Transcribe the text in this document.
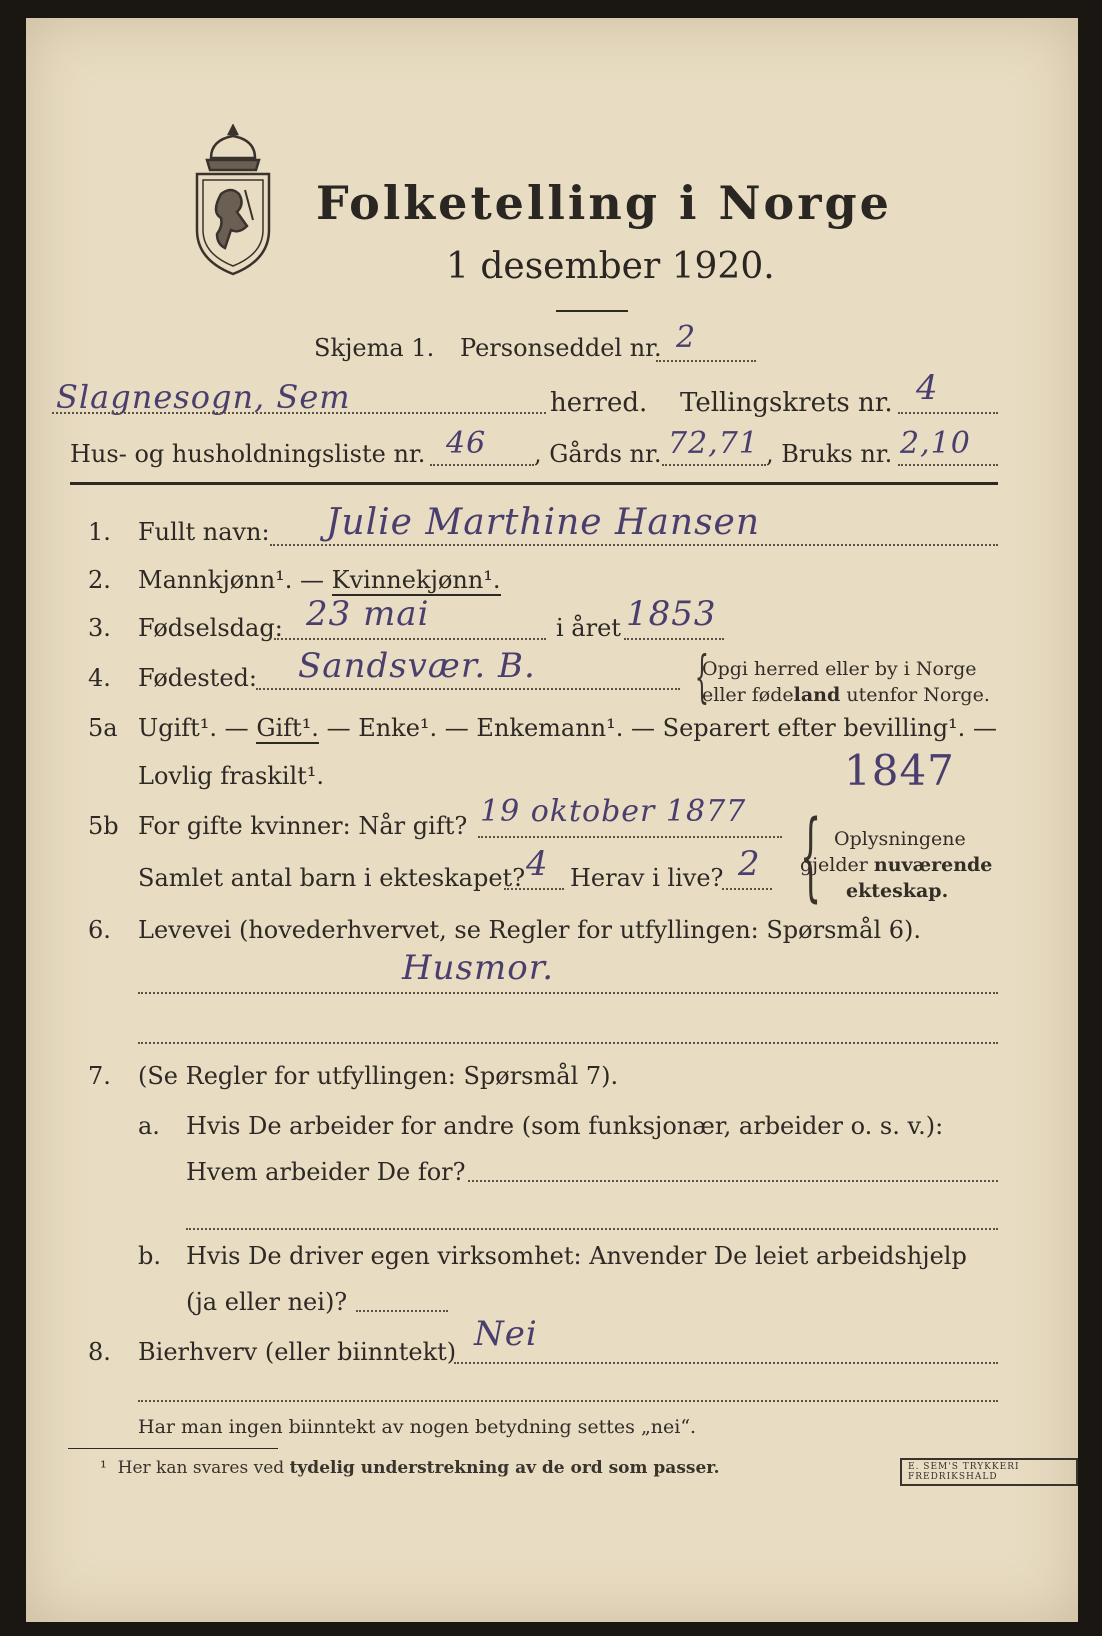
Folketelling i Norge
1 desember 1920.
Skjema 1. Personseddel nr. 2
Slagnesogn, Sem	herred. Tellingskrets nr. 4
Hus- og husholdningsliste nr. 46 , Gårds nr. 72,71 , Bruks nr. 2,10
1. Fullt navn: Julie Marthine Hansen
2. Mannkjønn¹. — Kvinnekjønn¹.
3. Fødselsdag: 23 mai	i året 1853
4. Fødested: Sandsvær. B.	{
Opgi herred eller by i Norge
eller fødeland utenfor Norge.
5a Ugift¹. — Gift¹. — Enke¹. — Enkemann¹. — Separert efter bevilling¹. —
Lovlig fraskilt¹.	1847
5b For gifte kvinner: Når gift? 19 oktober 1877
Samlet antal barn i ekteskapet? 4 Herav i live? 2 { Oplysningene
gjelder nuværende
ekteskap.
6. Levevei (hovederhvervet, se Regler for utfyllingen: Spørsmål 6).
Husmor.
7. (Se Regler for utfyllingen: Spørsmål 7).
a. Hvis De arbeider for andre (som funksjonær, arbeider o. s. v.):
Hvem arbeider De for?
b. Hvis De driver egen virksomhet: Anvender De leiet arbeidshjelp
(ja eller nei)?
8. Bierhverv (eller biinntekt) Nei
Har man ingen biinntekt av nogen betydning settes „nei“.
¹ Her kan svares ved tydelig understrekning av de ord som passer.	E. SEM'S TRYKKERI FREDRIKSHALD
